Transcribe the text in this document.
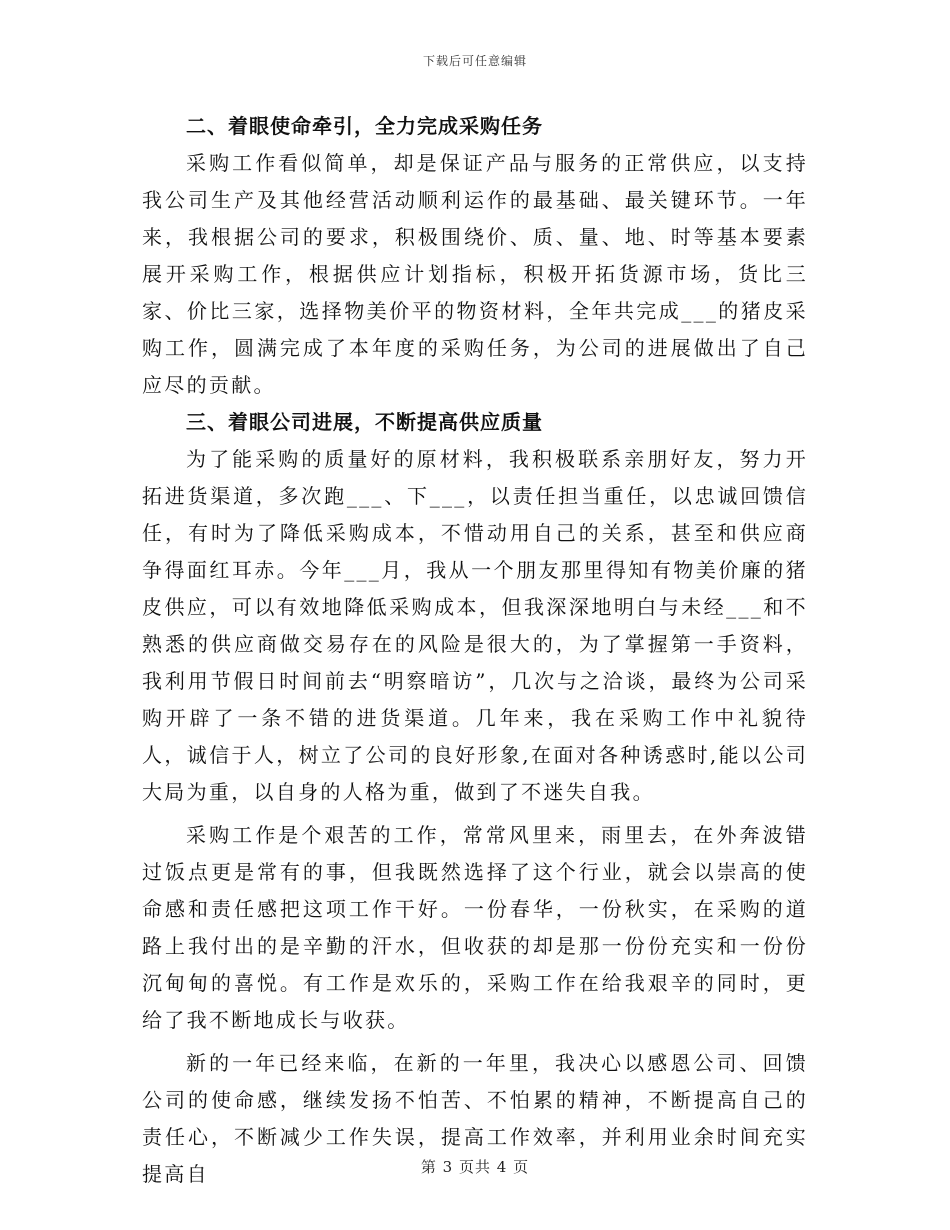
下载后可任意编辑
二、着眼使命牵引，全力完成采购任务

采购工作看似简单，却是保证产品与服务的正常供应，以支持我公司生产及其他经营活动顺利运作的最基础、最关键环节。一年来，我根据公司的要求，积极围绕价、质、量、地、时等基本要素展开采购工作，根据供应计划指标，积极开拓货源市场，货比三家、价比三家，选择物美价平的物资材料，全年共完成___的猪皮采购工作，圆满完成了本年度的采购任务，为公司的进展做出了自己应尽的贡献。

三、着眼公司进展，不断提高供应质量

为了能采购的质量好的原材料，我积极联系亲朋好友，努力开拓进货渠道，多次跑___、下___，以责任担当重任，以忠诚回馈信任，有时为了降低采购成本，不惜动用自己的关系，甚至和供应商争得面红耳赤。今年___月，我从一个朋友那里得知有物美价廉的猪皮供应，可以有效地降低采购成本，但我深深地明白与未经___和不熟悉的供应商做交易存在的风险是很大的，为了掌握第一手资料，我利用节假日时间前去“明察暗访”，几次与之洽谈，最终为公司采购开辟了一条不错的进货渠道。几年来，我在采购工作中礼貌待人，诚信于人，树立了公司的良好形象,在面对各种诱惑时,能以公司大局为重，以自身的人格为重，做到了不迷失自我。

采购工作是个艰苦的工作，常常风里来，雨里去，在外奔波错过饭点更是常有的事，但我既然选择了这个行业，就会以崇高的使命感和责任感把这项工作干好。一份春华，一份秋实，在采购的道路上我付出的是辛勤的汗水，但收获的却是那一份份充实和一份份沉甸甸的喜悦。有工作是欢乐的，采购工作在给我艰辛的同时，更给了我不断地成长与收获。

新的一年已经来临，在新的一年里，我决心以感恩公司、回馈公司的使命感，继续发扬不怕苦、不怕累的精神，不断提高自己的责任心，不断减少工作失误，提高工作效率，并利用业余时间充实提高自	第 3 页共 4 页
